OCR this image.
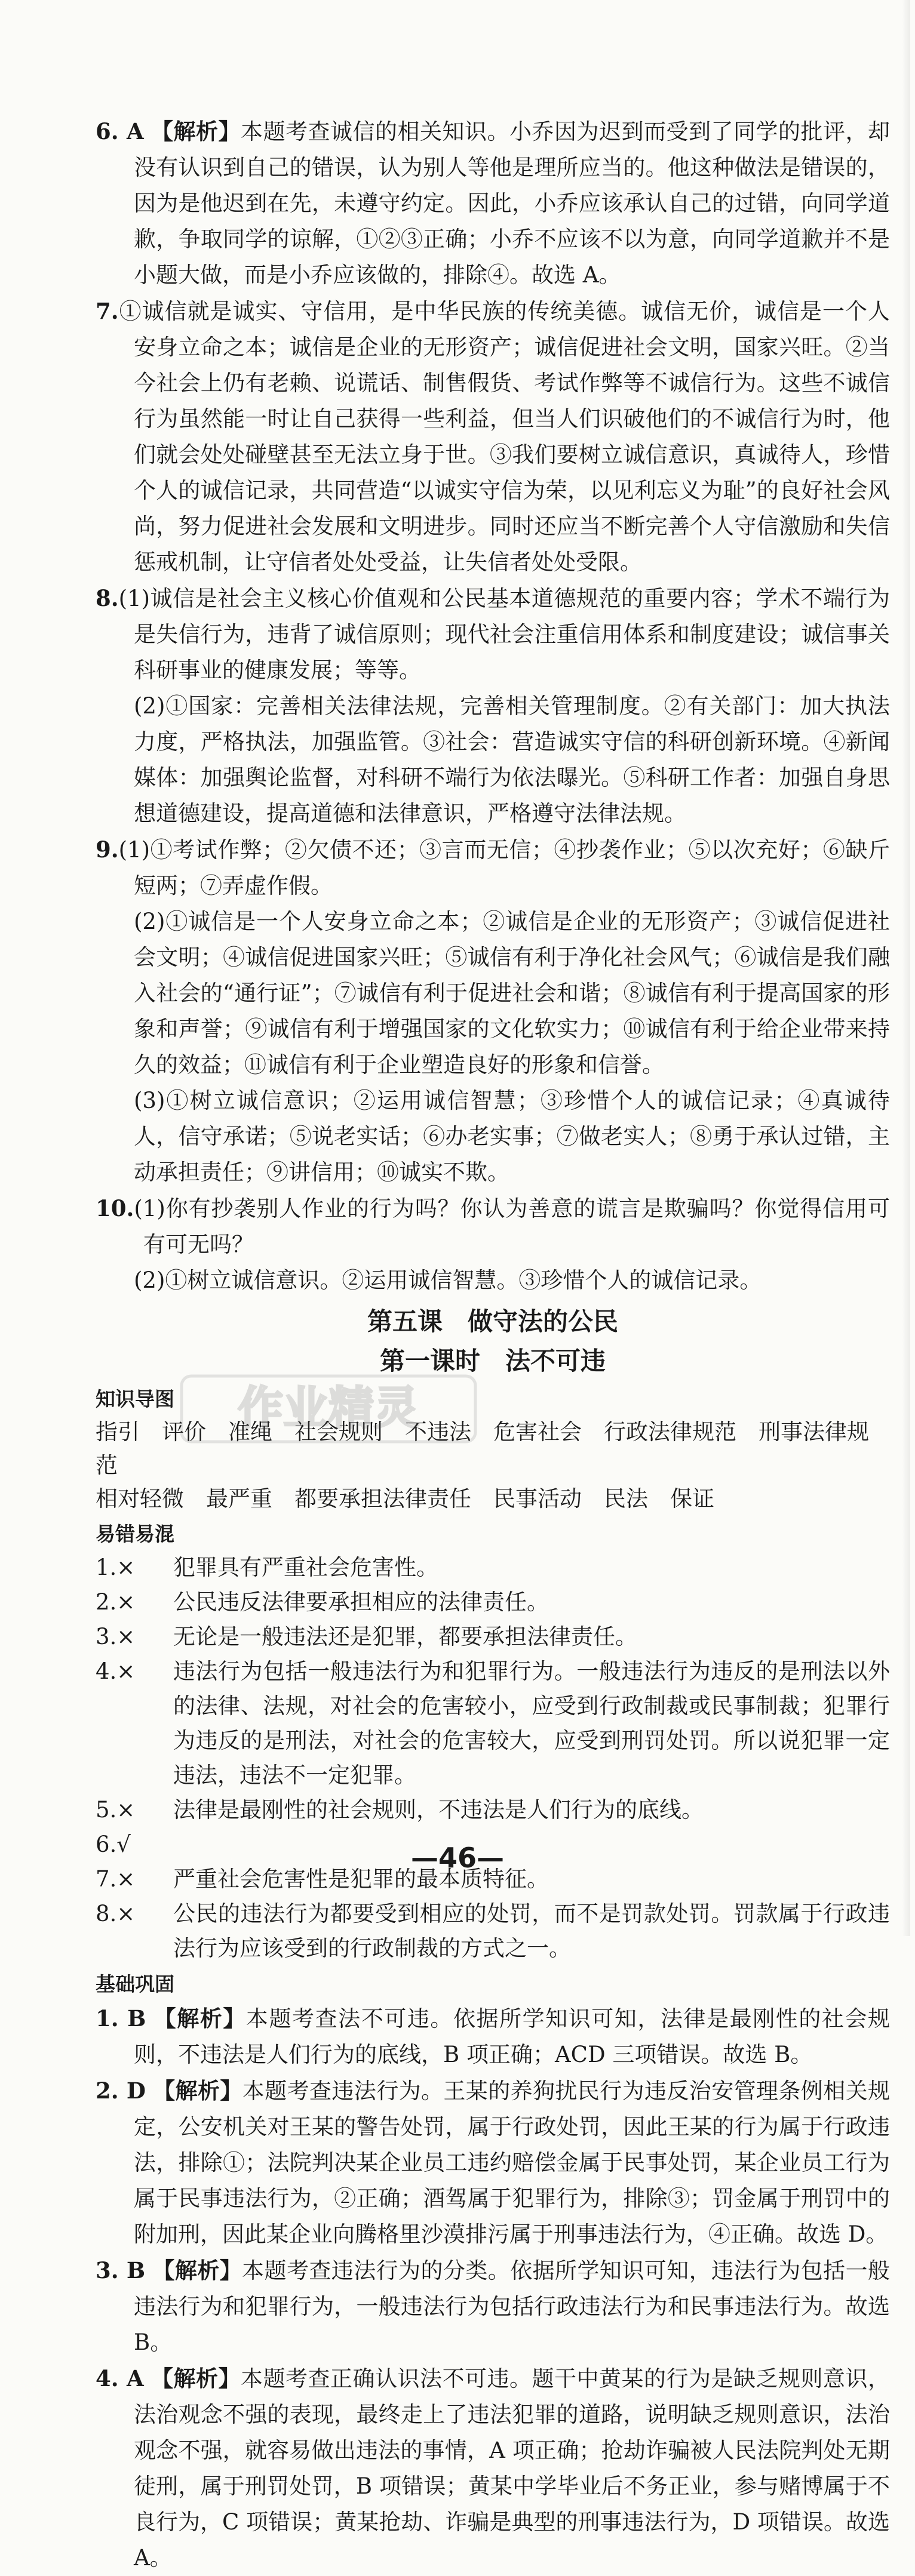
6. A 【解析】本题考查诚信的相关知识。小乔因为迟到而受到了同学的批评，却没有认识到自己的错误，认为别人等他是理所应当的。他这种做法是错误的，因为是他迟到在先，未遵守约定。因此，小乔应该承认自己的过错，向同学道歉，争取同学的谅解，①②③正确；小乔不应该不以为意，向同学道歉并不是小题大做，而是小乔应该做的，排除④。故选 A。

7.①诚信就是诚实、守信用，是中华民族的传统美德。诚信无价，诚信是一个人安身立命之本；诚信是企业的无形资产；诚信促进社会文明，国家兴旺。②当今社会上仍有老赖、说谎话、制售假货、考试作弊等不诚信行为。这些不诚信行为虽然能一时让自己获得一些利益，但当人们识破他们的不诚信行为时，他们就会处处碰壁甚至无法立身于世。③我们要树立诚信意识，真诚待人，珍惜个人的诚信记录，共同营造“以诚实守信为荣，以见利忘义为耻”的良好社会风尚，努力促进社会发展和文明进步。同时还应当不断完善个人守信激励和失信惩戒机制，让守信者处处受益，让失信者处处受限。

8.(1)诚信是社会主义核心价值观和公民基本道德规范的重要内容；学术不端行为是失信行为，违背了诚信原则；现代社会注重信用体系和制度建设；诚信事关科研事业的健康发展；等等。

(2)①国家：完善相关法律法规，完善相关管理制度。②有关部门：加大执法力度，严格执法，加强监管。③社会：营造诚实守信的科研创新环境。④新闻媒体：加强舆论监督，对科研不端行为依法曝光。⑤科研工作者：加强自身思想道德建设，提高道德和法律意识，严格遵守法律法规。

9.(1)①考试作弊；②欠债不还；③言而无信；④抄袭作业；⑤以次充好；⑥缺斤短两；⑦弄虚作假。

(2)①诚信是一个人安身立命之本；②诚信是企业的无形资产；③诚信促进社会文明；④诚信促进国家兴旺；⑤诚信有利于净化社会风气；⑥诚信是我们融入社会的“通行证”；⑦诚信有利于促进社会和谐；⑧诚信有利于提高国家的形象和声誉；⑨诚信有利于增强国家的文化软实力；⑩诚信有利于给企业带来持久的效益；⑪诚信有利于企业塑造良好的形象和信誉。

(3)①树立诚信意识；②运用诚信智慧；③珍惜个人的诚信记录；④真诚待人，信守承诺；⑤说老实话；⑥办老实事；⑦做老实人；⑧勇于承认过错，主动承担责任；⑨讲信用；⑩诚实不欺。

10.(1)你有抄袭别人作业的行为吗？你认为善意的谎言是欺骗吗？你觉得信用可有可无吗？

(2)①树立诚信意识。②运用诚信智慧。③珍惜个人的诚信记录。

第五课　做守法的公民
第一课时　法不可违
知识导图
指引　评价　准绳　社会规则　不违法　危害社会　行政法律规范　刑事法律规范
相对轻微　最严重　都要承担法律责任　民事活动　民法　保证
易错易混
1.×	犯罪具有严重社会危害性。
2.×	公民违反法律要承担相应的法律责任。
3.×	无论是一般违法还是犯罪，都要承担法律责任。
4.×	违法行为包括一般违法行为和犯罪行为。一般违法行为违反的是刑法以外的法律、法规，对社会的危害较小，应受到行政制裁或民事制裁；犯罪行为违反的是刑法，对社会的危害较大，应受到刑罚处罚。所以说犯罪一定违法，违法不一定犯罪。
5.×	法律是最刚性的社会规则，不违法是人们行为的底线。
6.√
7.×	严重社会危害性是犯罪的最本质特征。
8.×	公民的违法行为都要受到相应的处罚，而不是罚款处罚。罚款属于行政违法行为应该受到的行政制裁的方式之一。
基础巩固

1. B 【解析】本题考查法不可违。依据所学知识可知，法律是最刚性的社会规则，不违法是人们行为的底线，B 项正确；ACD 三项错误。故选 B。

2. D 【解析】本题考查违法行为。王某的养狗扰民行为违反治安管理条例相关规定，公安机关对王某的警告处罚，属于行政处罚，因此王某的行为属于行政违法，排除①；法院判决某企业员工违约赔偿金属于民事处罚，某企业员工行为属于民事违法行为，②正确；酒驾属于犯罪行为，排除③；罚金属于刑罚中的附加刑，因此某企业向腾格里沙漠排污属于刑事违法行为，④正确。故选 D。

3. B 【解析】本题考查违法行为的分类。依据所学知识可知，违法行为包括一般违法行为和犯罪行为，一般违法行为包括行政违法行为和民事违法行为。故选 B。

4. A 【解析】本题考查正确认识法不可违。题干中黄某的行为是缺乏规则意识，法治观念不强的表现，最终走上了违法犯罪的道路，说明缺乏规则意识，法治观念不强，就容易做出违法的事情，A 项正确；抢劫诈骗被人民法院判处无期徒刑，属于刑罚处罚，B 项错误；黄某中学毕业后不务正业，参与赌博属于不良行为，C 项错误；黄某抢劫、诈骗是典型的刑事违法行为，D 项错误。故选 A。

作业精灵
—46—
